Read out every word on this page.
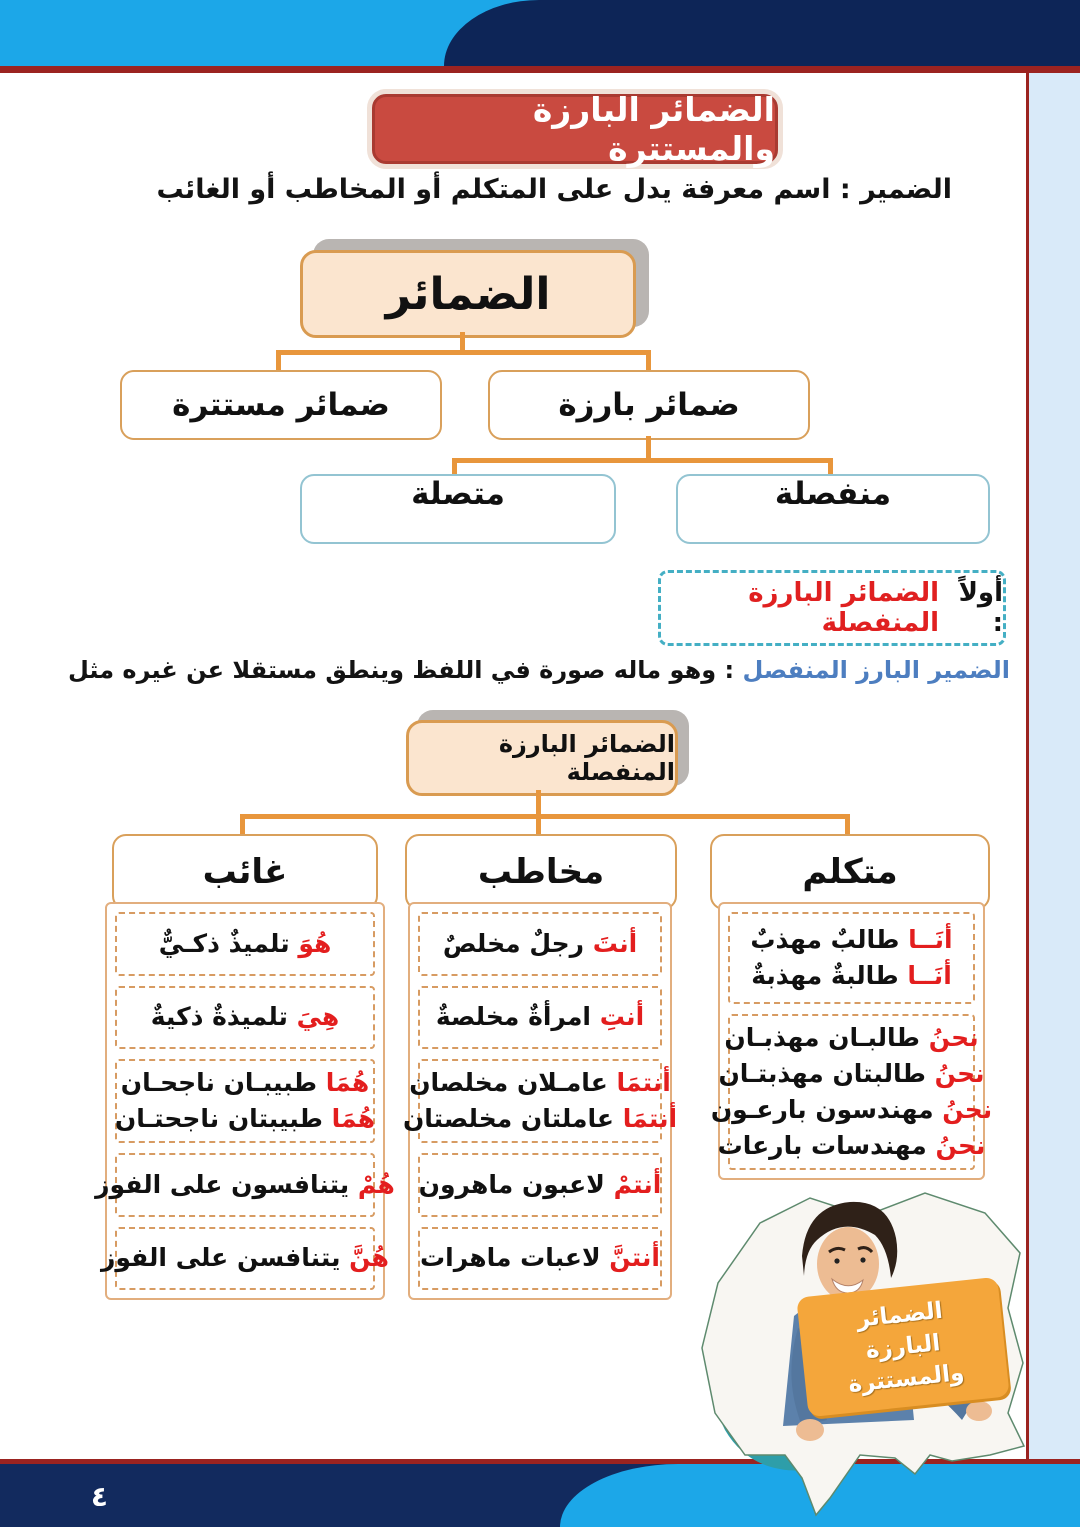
الضمائر البارزة والمستترة
الضمير : اسم معرفة يدل على المتكلم أو المخاطب أو الغائب
الضمائر
ضمائر بارزة
ضمائر مستترة
منفصلة
متصلة
أولاً :
الضمائر البارزة المنفصلة
الضمير البارز المنفصل : وهو ماله صورة في اللفظ وينطق مستقلا عن غيره مثل
الضمائر البارزة المنفصلة
متكلم
مخاطب
غائب
أنَــا طالبٌ مهذبٌ
أنَــا طالبةٌ مهذبةٌ
نحنُ طالبـان مهذبـان
نحنُ طالبتان مهذبتـان
نحنُ مهندسون بارعـون
نحنُ مهندسات بارعات
أنتَ رجلٌ مخلصٌ
أنتِ امرأةٌ مخلصةٌ
أنتمَا عامـلان مخلصان
أنتمَا عاملتان مخلصتان
أنتمْ لاعبون ماهرون
أنتنَّ لاعبات ماهرات
هُوَ تلميذٌ ذكـيٌّ
هِيَ تلميذةٌ ذكيةٌ
هُمَا طبيبـان ناجحـان
هُمَا طبيبتان ناجحتـان
هُمْ يتنافسون على الفوز
هُنَّ يتنافسن على الفوز
الضمائر
البارزة
والمستترة
٤
